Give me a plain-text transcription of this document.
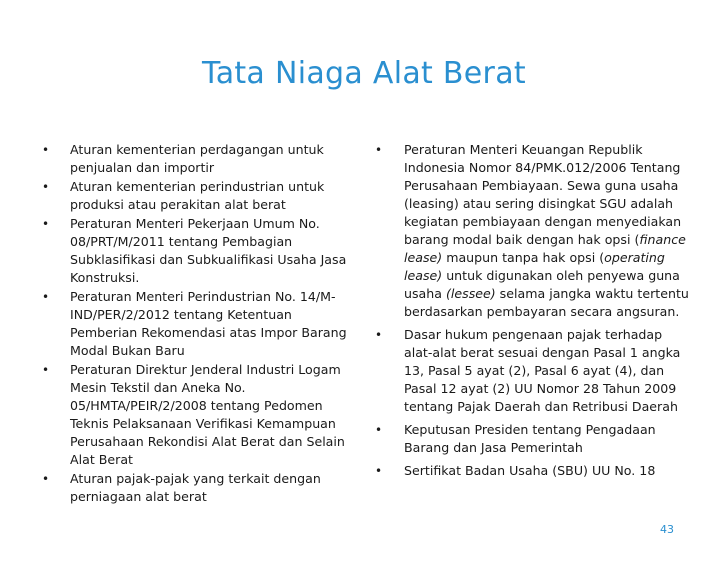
Tata Niaga Alat Berat
• Aturan kementerian perdagangan untuk penjualan dan importir
• Aturan kementerian perindustrian untuk produksi atau perakitan alat berat
• Peraturan Menteri Pekerjaan Umum No. 08/PRT/M/2011 tentang Pembagian Subklasifikasi dan Subkualifikasi Usaha Jasa Konstruksi.
• Peraturan Menteri Perindustrian No. 14/M-IND/PER/2/2012 tentang Ketentuan Pemberian Rekomendasi atas Impor Barang Modal Bukan Baru
• Peraturan Direktur Jenderal Industri Logam Mesin Tekstil dan Aneka No. 05/HMTA/PEIR/2/2008 tentang Pedomen Teknis Pelaksanaan Verifikasi Kemampuan Perusahaan Rekondisi Alat Berat dan Selain Alat Berat
• Aturan pajak-pajak yang terkait dengan perniagaan alat berat
• Peraturan Menteri Keuangan Republik Indonesia Nomor 84/PMK.012/2006 Tentang Perusahaan Pembiayaan. Sewa guna usaha (leasing) atau sering disingkat SGU adalah kegiatan pembiayaan dengan menyediakan barang modal baik dengan hak opsi (finance lease) maupun tanpa hak opsi (operating lease) untuk digunakan oleh penyewa guna usaha (lessee) selama jangka waktu tertentu berdasarkan pembayaran secara angsuran.
• Dasar hukum pengenaan pajak terhadap alat-alat berat sesuai dengan Pasal 1 angka 13, Pasal 5 ayat (2), Pasal 6 ayat (4), dan Pasal 12 ayat (2) UU Nomor 28 Tahun 2009 tentang Pajak Daerah dan Retribusi Daerah
• Keputusan Presiden tentang Pengadaan Barang dan Jasa Pemerintah
• Sertifikat Badan Usaha (SBU) UU No. 18
43
